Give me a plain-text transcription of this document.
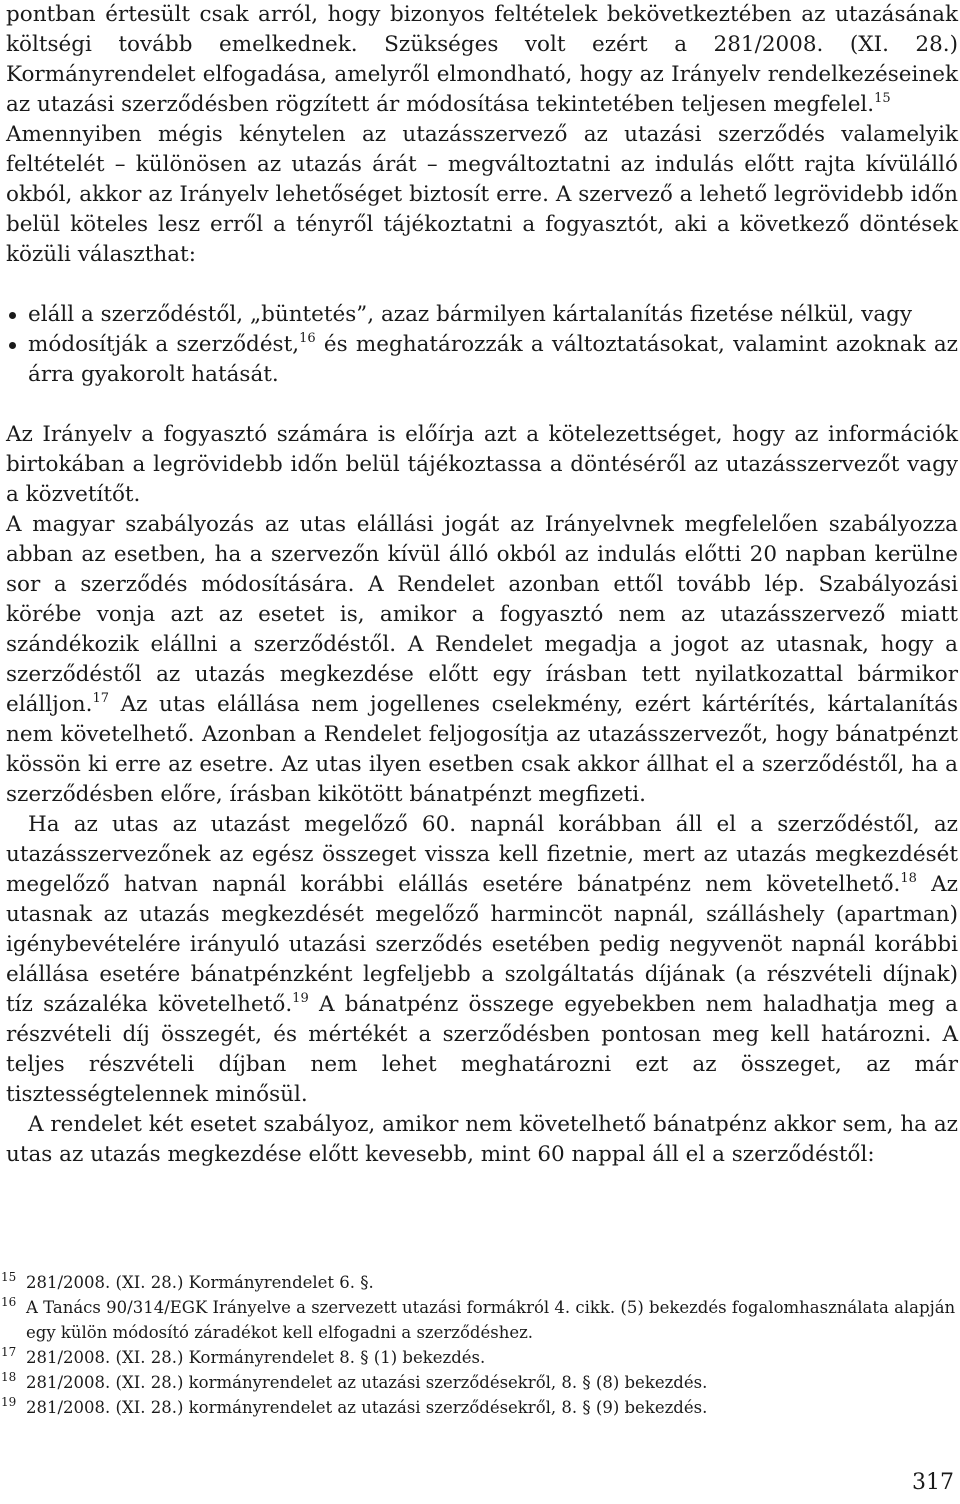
pontban értesült csak arról, hogy bizonyos feltételek bekövetkeztében az utazásának költségi tovább emelkednek. Szükséges volt ezért a 281/2008. (XI. 28.) Kormányrendelet elfogadása, amelyről elmondható, hogy az Irányelv rendelkezéseinek az utazási szerződésben rögzített ár módosítása tekintetében teljesen megfelel.$^{15}$

Amennyiben mégis kénytelen az utazásszervező az utazási szerződés valamelyik feltételét – különösen az utazás árát – megváltoztatni az indulás előtt rajta kívülálló okból, akkor az Irányelv lehetőséget biztosít erre. A szervező a lehető legrövidebb időn belül köteles lesz erről a tényről tájékoztatni a fogyasztót, aki a következő döntések közüli választhat:

eláll a szerződéstől, „büntetés”, azaz bármilyen kártalanítás fizetése nélkül, vagy
módosítják a szerződést,$^{16}$ és meghatározzák a változtatásokat, valamint azoknak az árra gyakorolt hatását.

Az Irányelv a fogyasztó számára is előírja azt a kötelezettséget, hogy az információk birtokában a legrövidebb időn belül tájékoztassa a döntéséről az utazásszervezőt vagy a közvetítőt.

A magyar szabályozás az utas elállási jogát az Irányelvnek megfelelően szabályozza abban az esetben, ha a szervezőn kívül álló okból az indulás előtti 20 napban kerülne sor a szerződés módosítására. A Rendelet azonban ettől tovább lép. Szabályozási körébe vonja azt az esetet is, amikor a fogyasztó nem az utazásszervező miatt szándékozik elállni a szerződéstől. A Rendelet megadja a jogot az utasnak, hogy a szerződéstől az utazás megkezdése előtt egy írásban tett nyilatkozattal bármikor elálljon.$^{17}$ Az utas elállása nem jogellenes cselekmény, ezért kártérítés, kártalanítás nem követelhető. Azonban a Rendelet feljogosítja az utazásszervezőt, hogy bánatpénzt kössön ki erre az esetre. Az utas ilyen esetben csak akkor állhat el a szerződéstől, ha a szerződésben előre, írásban kikötött bánatpénzt megfizeti.

Ha az utas az utazást megelőző 60. napnál korábban áll el a szerződéstől, az utazásszervezőnek az egész összeget vissza kell fizetnie, mert az utazás megkezdését megelőző hatvan napnál korábbi elállás esetére bánatpénz nem követelhető.$^{18}$ Az utasnak az utazás megkezdését megelőző harmincöt napnál, szálláshely (apartman) igénybevételére irányuló utazási szerződés esetében pedig negyvenöt napnál korábbi elállása esetére bánatpénzként legfeljebb a szolgáltatás díjának (a részvételi díjnak) tíz százaléka követelhető.$^{19}$ A bánatpénz összege egyebekben nem haladhatja meg a részvételi díj összegét, és mértékét a szerződésben pontosan meg kell határozni. A teljes részvételi díjban nem lehet meghatározni ezt az összeget, az már tisztességtelennek minősül.

A rendelet két esetet szabályoz, amikor nem követelhető bánatpénz akkor sem, ha az utas az utazás megkezdése előtt kevesebb, mint 60 nappal áll el a szerződéstől:

15 281/2008. (XI. 28.) Kormányrendelet 6. §.
16 A Tanács 90/314/EGK Irányelve a szervezett utazási formákról 4. cikk. (5) bekezdés fogalomhasználata alapján egy külön módosító záradékot kell elfogadni a szerződéshez.
17 281/2008. (XI. 28.) Kormányrendelet 8. § (1) bekezdés.
18 281/2008. (XI. 28.) kormányrendelet az utazási szerződésekről, 8. § (8) bekezdés.
19 281/2008. (XI. 28.) kormányrendelet az utazási szerződésekről, 8. § (9) bekezdés.
317
